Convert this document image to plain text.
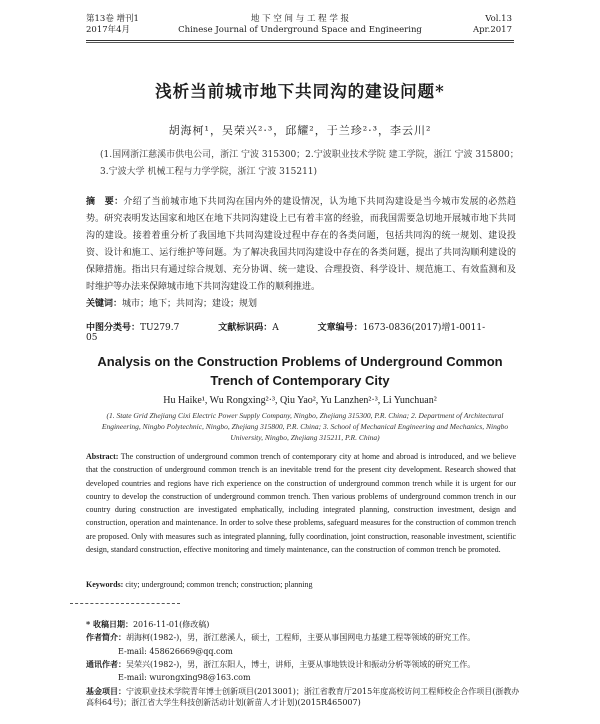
第13卷 增刊1
2017年4月
地 下 空 间 与 工 程 学 报
Chinese Journal of Underground Space and Engineering
Vol.13
Apr.2017
浅析当前城市地下共同沟的建设问题*
胡海柯¹，吴荣兴²·³，邱耀²，于兰珍²·³，李云川²
(1.国网浙江慈溪市供电公司，浙江 宁波 315300；2.宁波职业技术学院 建工学院，浙江 宁波 315800；3.宁波大学 机械工程与力学学院，浙江 宁波 315211)
摘　要：介绍了当前城市地下共同沟在国内外的建设情况，认为地下共同沟建设是当今城市发展的必然趋势。研究表明发达国家和地区在地下共同沟建设上已有着丰富的经验，而我国需要急切地开展城市地下共同沟的建设。接着着重分析了我国地下共同沟建设过程中存在的各类问题，包括共同沟的统一规划、建设投资、设计和施工、运行维护等问题。为了解决我国共同沟建设中存在的各类问题，提出了共同沟顺利建设的保障措施。指出只有通过综合规划、充分协调、统一建设、合理投资、科学设计、规范施工、有效监测和及时维护等办法来保障城市地下共同沟建设工作的顺利推进。
关键词：城市；地下；共同沟；建设；规划
中图分类号：TU279.7	文献标识码：A	文章编号：1673-0836(2017)增1-0011-05
Analysis on the Construction Problems of Underground Common
Trench of Contemporary City
Hu Haike¹, Wu Rongxing²·³, Qiu Yao², Yu Lanzhen²·³, Li Yunchuan²
(1. State Grid Zhejiang Cixi Electric Power Supply Company, Ningbo, Zhejiang 315300, P.R. China; 2. Department of Architectural Engineering, Ningbo Polytechnic, Ningbo, Zhejiang 315800, P.R. China; 3. School of Mechanical Engineering and Mechanics, Ningbo University, Ningbo, Zhejiang 315211, P.R. China)
Abstract: The construction of underground common trench of contemporary city at home and abroad is introduced, and we believe that the construction of underground common trench is an inevitable trend for the present city development. Research showed that developed countries and regions have rich experience on the construction of underground common trench while it is urgent for our country to develop the construction of underground common trench. Then various problems of underground common trench in our country during construction are investigated emphatically, including integrated planning, construction investment, design and construction, operation and maintenance. In order to solve these problems, safeguard measures for the construction of common trench are proposed. Only with measures such as integrated planning, fully coordination, joint construction, reasonable investment, scientific design, standard construction, effective monitoring and timely maintenance, can the construction of common trench be promoted.
Keywords: city; underground; common trench; construction; planning
* 收稿日期：2016-11-01(修改稿)
作者简介：胡海柯(1982-)，男，浙江慈溪人，硕士，工程师，主要从事国网电力基建工程等领域的研究工作。
E-mail: 458626669@qq.com
通讯作者：吴荣兴(1982-)，男，浙江东阳人，博士，讲师，主要从事地铁设计和振动分析等领域的研究工作。
E-mail: wurongxing98@163.com
基金项目：宁波职业技术学院青年博士创新项目(2013001)；浙江省教育厅2015年度高校访问工程师校企合作项目(浙教办高科64号)；浙江省大学生科技创新活动计划(新苗人才计划)(2015R465007)
